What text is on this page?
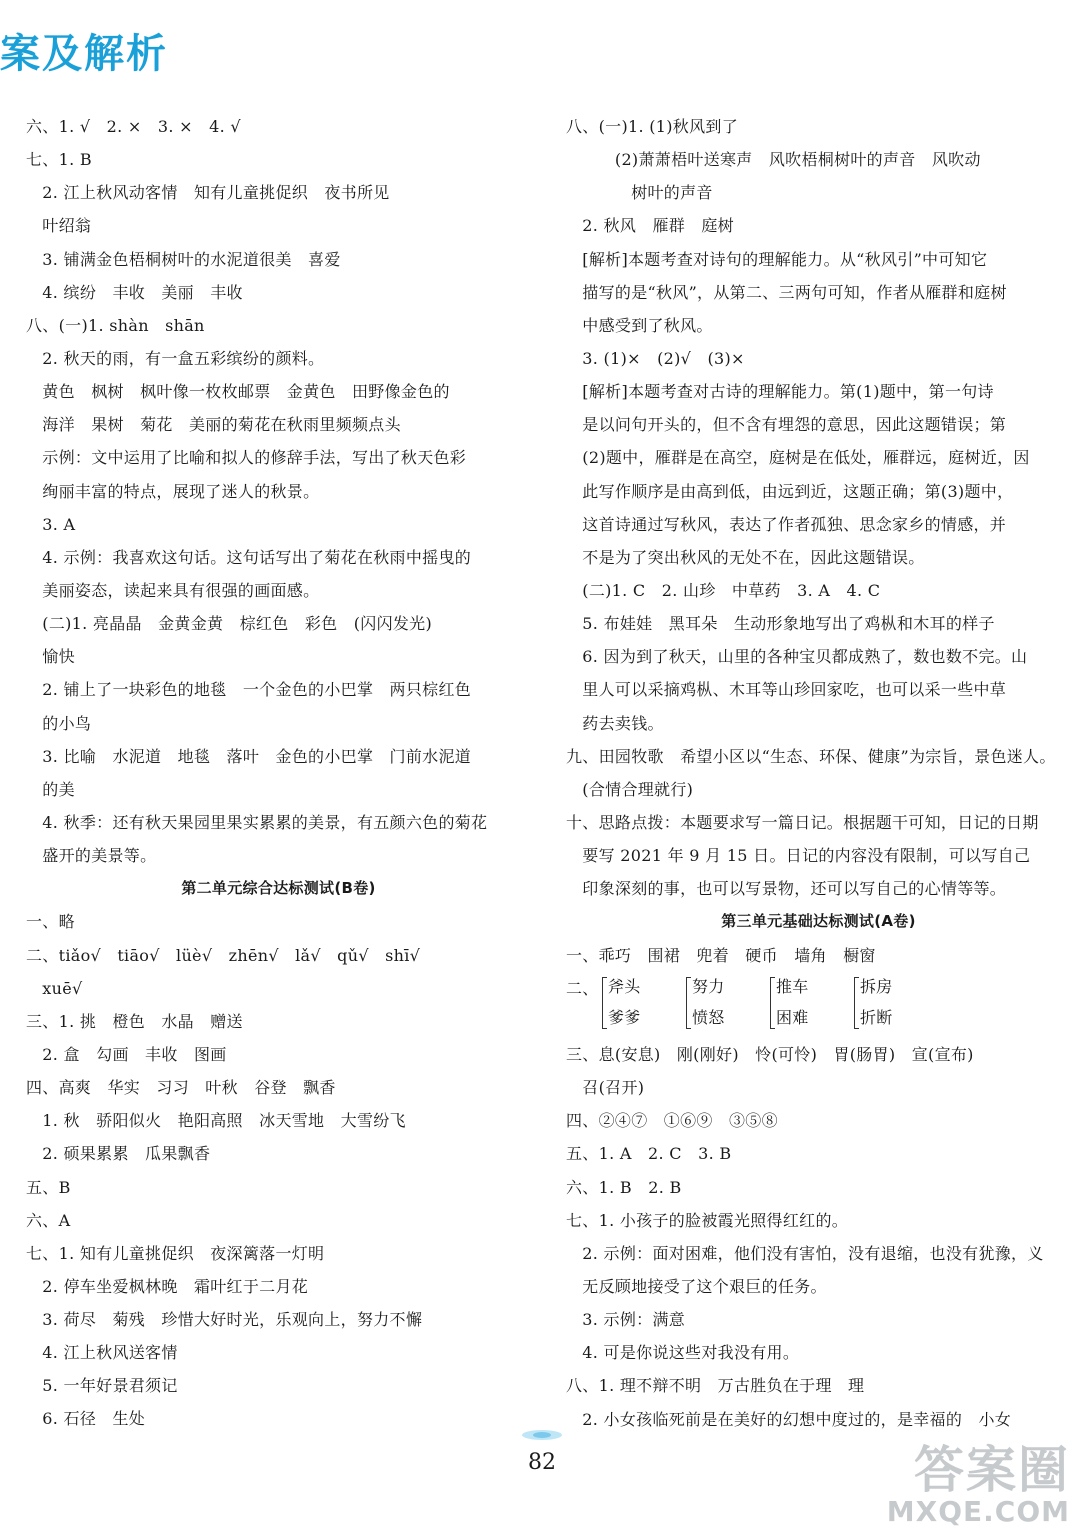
案及解析
六、1. √　2. ×　3. ×　4. √
七、1. B
　2. 江上秋风动客情　知有儿童挑促织　夜书所见
　叶绍翁
　3. 铺满金色梧桐树叶的水泥道很美　喜爱
　4. 缤纷　丰收　美丽　丰收
八、(一)1. shàn　shān
　2. 秋天的雨，有一盒五彩缤纷的颜料。
　黄色　枫树　枫叶像一枚枚邮票　金黄色　田野像金色的
　海洋　果树　菊花　美丽的菊花在秋雨里频频点头
　示例：文中运用了比喻和拟人的修辞手法，写出了秋天色彩
　绚丽丰富的特点，展现了迷人的秋景。
　3. A
　4. 示例：我喜欢这句话。这句话写出了菊花在秋雨中摇曳的
　美丽姿态，读起来具有很强的画面感。
　(二)1. 亮晶晶　金黄金黄　棕红色　彩色　(闪闪发光)
　愉快
　2. 铺上了一块彩色的地毯　一个金色的小巴掌　两只棕红色
　的小鸟
　3. 比喻　水泥道　地毯　落叶　金色的小巴掌　门前水泥道
　的美
　4. 秋季：还有秋天果园里果实累累的美景，有五颜六色的菊花
　盛开的美景等。
第二单元综合达标测试(B卷)
一、略
二、tiǎo√　tiāo√　lüè√　zhēn√　lǎ√　qǔ√　shī√
　xuē√
三、1. 挑　橙色　水晶　赠送
　2. 盒　勾画　丰收　图画
四、高爽　华实　习习　叶秋　谷登　飘香
　1. 秋　骄阳似火　艳阳高照　冰天雪地　大雪纷飞
　2. 硕果累累　瓜果飘香
五、B
六、A
七、1. 知有儿童挑促织　夜深篱落一灯明
　2. 停车坐爱枫林晚　霜叶红于二月花
　3. 荷尽　菊残　珍惜大好时光，乐观向上，努力不懈
　4. 江上秋风送客情
　5. 一年好景君须记
　6. 石径　生处
八、(一)1. (1)秋风到了
　　　(2)萧萧梧叶送寒声　风吹梧桐树叶的声音　风吹动
　　　　树叶的声音
　2. 秋风　雁群　庭树
　[解析]本题考查对诗句的理解能力。从“秋风引”中可知它
　描写的是“秋风”，从第二、三两句可知，作者从雁群和庭树
　中感受到了秋风。
　3. (1)×　(2)√　(3)×
　[解析]本题考查对古诗的理解能力。第(1)题中，第一句诗
　是以问句开头的，但不含有埋怨的意思，因此这题错误；第
　(2)题中，雁群是在高空，庭树是在低处，雁群远，庭树近，因
　此写作顺序是由高到低，由远到近，这题正确；第(3)题中，
　这首诗通过写秋风，表达了作者孤独、思念家乡的情感，并
　不是为了突出秋风的无处不在，因此这题错误。
　(二)1. C　2. 山珍　中草药　3. A　4. C
　5. 布娃娃　黑耳朵　生动形象地写出了鸡枞和木耳的样子
　6. 因为到了秋天，山里的各种宝贝都成熟了，数也数不完。山
　里人可以采摘鸡枞、木耳等山珍回家吃，也可以采一些中草
　药去卖钱。
九、田园牧歌　希望小区以“生态、环保、健康”为宗旨，景色迷人。
　(合情合理就行)
十、思路点拨：本题要求写一篇日记。根据题干可知，日记的日期
　要写 2021 年 9 月 15 日。日记的内容没有限制，可以写自己
　印象深刻的事，也可以写景物，还可以写自己的心情等等。
第三单元基础达标测试(A卷)
一、乖巧　围裙　兜着　硬币　墙角　橱窗
二、 斧头
爹爹
努力
愤怒
推车
困难
拆房
折断
三、息(安息)　刚(刚好)　怜(可怜)　胃(肠胃)　宣(宣布)
　召(召开)
四、②④⑦　①⑥⑨　③⑤⑧
五、1. A　2. C　3. B
六、1. B　2. B
七、1. 小孩子的脸被霞光照得红红的。
　2. 示例：面对困难，他们没有害怕，没有退缩，也没有犹豫，义
　无反顾地接受了这个艰巨的任务。
　3. 示例：满意
　4. 可是你说这些对我没有用。
八、1. 理不辩不明　万古胜负在于理　理
　2. 小女孩临死前是在美好的幻想中度过的，是幸福的　小女
82	答案圈
MXQE.COM
